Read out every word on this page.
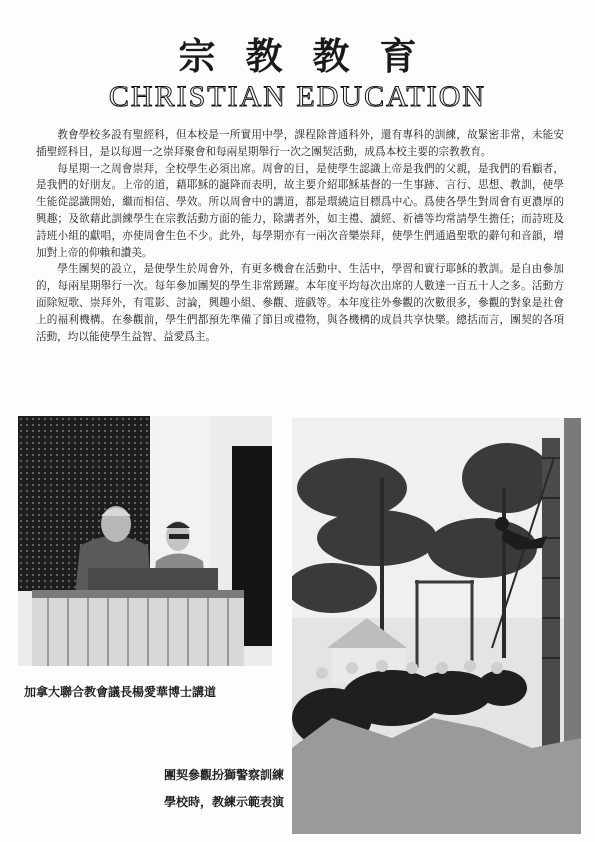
宗教教育
CHRISTIAN EDUCATION

教會學校多設有聖經科，但本校是一所實用中學，課程除普通科外，還有專科的訓練，故緊密非常，未能安插聖經科目，是以每週一之崇拜聚會和每兩星期舉行一次之團契活動，成爲本校主要的宗教教育。

每星期一之周會崇拜，全校學生必須出席。周會的目，是使學生認識上帝是我們的父親，是我們的看顧者，是我們的好朋友。上帝的道，藉耶穌的誕降而表明，故主要介紹耶穌基督的一生事跡、言行、思想、教訓，使學生能從認識開始，繼而相信、學效。所以周會中的講道，都是環繞這目標爲中心。爲使各學生對周會有更濃厚的興趣；及欲藉此訓練學生在宗教活動方面的能力，除講者外，如主禮、讀經、祈禱等均常請學生擔任；而詩班及詩班小組的獻唱，亦使周會生色不少。此外，每學期亦有一兩次音樂崇拜，使學生們通過聖歌的辭句和音韻，增加對上帝的仰賴和讚美。

學生團契的設立，是使學生於周會外，有更多機會在活動中、生活中，學習和實行耶穌的教訓。是自由參加的，每兩星期舉行一次。每年參加團契的學生非常踴躍。本年度平均每次出席的人數達一百五十人之多。活動方面除短歌、崇拜外，有電影、討論，興趣小組、參觀、遊戲等。本年度往外參觀的次數很多，參觀的對象是社會上的福利機構。在參觀前，學生們都預先準備了節目或禮物，與各機構的成員共享快樂。總括而言，團契的各項活動，均以能使學生益智、益愛爲主。

加拿大聯合教會議長楊愛華博士講道
團契參觀扮獅警察訓練
學校時，教練示範表演
